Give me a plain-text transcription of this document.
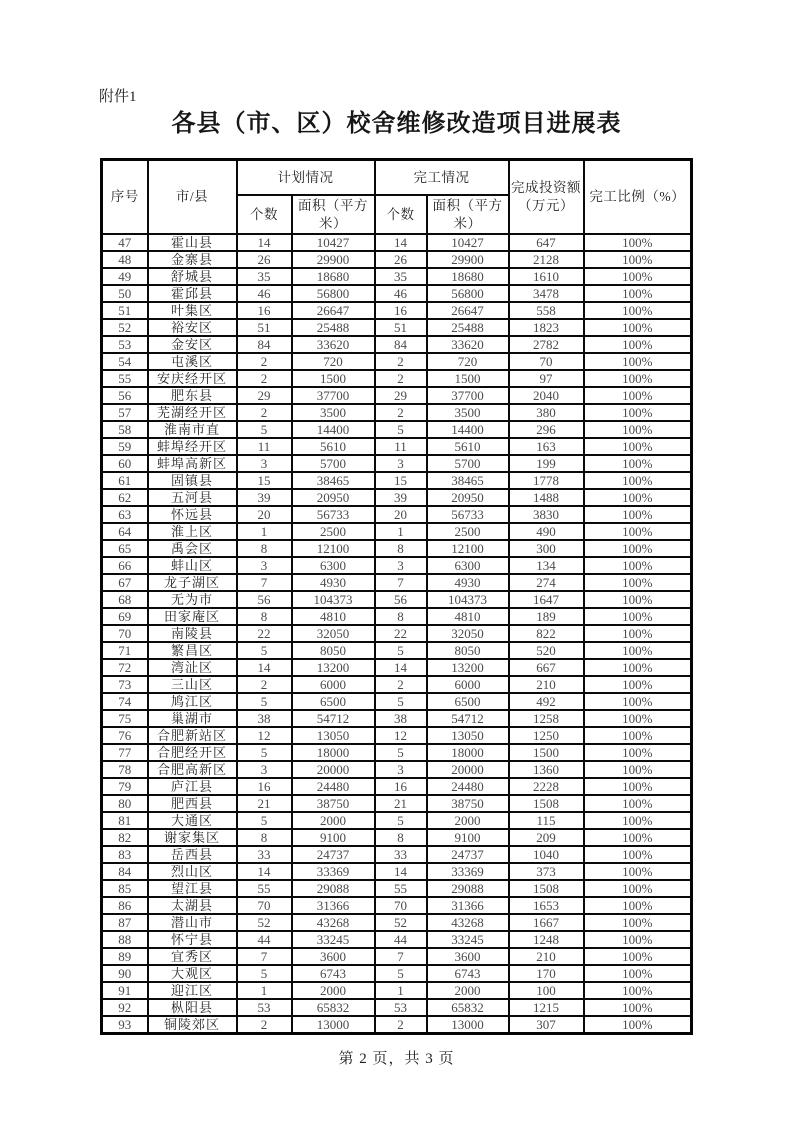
附件1
各县（市、区）校舍维修改造项目进展表
序号	市/县	计划情况		完工情况		完成投资额（万元）	完工比例（%）
		个数	面积（平方米）	个数	面积（平方米）		
47	霍山县	14	10427	14	10427	647	100%
48	金寨县	26	29900	26	29900	2128	100%
49	舒城县	35	18680	35	18680	1610	100%
50	霍邱县	46	56800	46	56800	3478	100%
51	叶集区	16	26647	16	26647	558	100%
52	裕安区	51	25488	51	25488	1823	100%
53	金安区	84	33620	84	33620	2782	100%
54	屯溪区	2	720	2	720	70	100%
55	安庆经开区	2	1500	2	1500	97	100%
56	肥东县	29	37700	29	37700	2040	100%
57	芜湖经开区	2	3500	2	3500	380	100%
58	淮南市直	5	14400	5	14400	296	100%
59	蚌埠经开区	11	5610	11	5610	163	100%
60	蚌埠高新区	3	5700	3	5700	199	100%
61	固镇县	15	38465	15	38465	1778	100%
62	五河县	39	20950	39	20950	1488	100%
63	怀远县	20	56733	20	56733	3830	100%
64	淮上区	1	2500	1	2500	490	100%
65	禹会区	8	12100	8	12100	300	100%
66	蚌山区	3	6300	3	6300	134	100%
67	龙子湖区	7	4930	7	4930	274	100%
68	无为市	56	104373	56	104373	1647	100%
69	田家庵区	8	4810	8	4810	189	100%
70	南陵县	22	32050	22	32050	822	100%
71	繁昌区	5	8050	5	8050	520	100%
72	湾沚区	14	13200	14	13200	667	100%
73	三山区	2	6000	2	6000	210	100%
74	鸠江区	5	6500	5	6500	492	100%
75	巢湖市	38	54712	38	54712	1258	100%
76	合肥新站区	12	13050	12	13050	1250	100%
77	合肥经开区	5	18000	5	18000	1500	100%
78	合肥高新区	3	20000	3	20000	1360	100%
79	庐江县	16	24480	16	24480	2228	100%
80	肥西县	21	38750	21	38750	1508	100%
81	大通区	5	2000	5	2000	115	100%
82	谢家集区	8	9100	8	9100	209	100%
83	岳西县	33	24737	33	24737	1040	100%
84	烈山区	14	33369	14	33369	373	100%
85	望江县	55	29088	55	29088	1508	100%
86	太湖县	70	31366	70	31366	1653	100%
87	潜山市	52	43268	52	43268	1667	100%
88	怀宁县	44	33245	44	33245	1248	100%
89	宜秀区	7	3600	7	3600	210	100%
90	大观区	5	6743	5	6743	170	100%
91	迎江区	1	2000	1	2000	100	100%
92	枞阳县	53	65832	53	65832	1215	100%
93	铜陵郊区	2	13000	2	13000	307	100%
第 2 页，共 3 页
